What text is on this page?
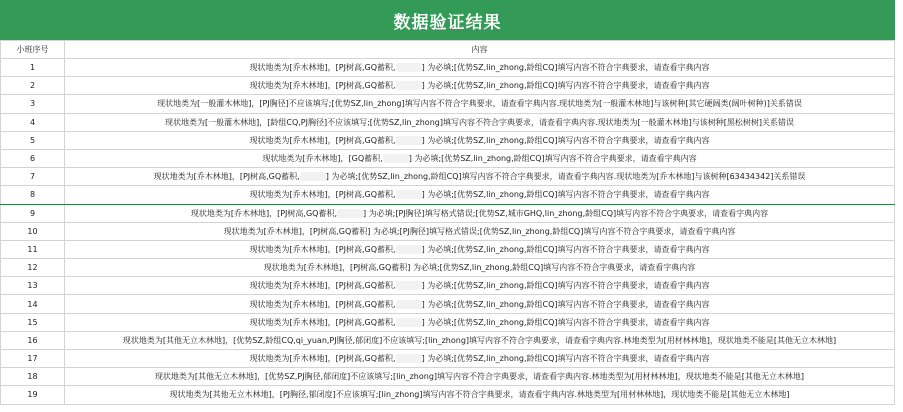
数据验证结果
小班序号	内容
1	现状地类为[乔木林地]，[PJ树高,GQ蓄积, ] 为必填;[优势SZ,lin_zhong,龄组CQ]填写内容不符合字典要求，请查看字典内容
2	现状地类为[乔木林地]，[PJ树高,GQ蓄积, ] 为必填;[优势SZ,lin_zhong,龄组CQ]填写内容不符合字典要求，请查看字典内容
3	现状地类为[一般灌木林地]，[PJ胸径]不应该填写;[优势SZ,lin_zhong]填写内容不符合字典要求，请查看字典内容.现状地类为[一般灌木林地]与该树种[其它硬阔类(阔叶树种)]关系错误
4	现状地类为[一般灌木林地]，[龄组CQ,PJ胸径]不应该填写;[优势SZ,lin_zhong]填写内容不符合字典要求，请查看字典内容.现状地类为[一般灌木林地]与该树种[黑松树树]关系错误
5	现状地类为[乔木林地]，[PJ树高,GQ蓄积, ] 为必填;[优势SZ,lin_zhong,龄组CQ]填写内容不符合字典要求，请查看字典内容
6	现状地类为[乔木林地]，[GQ蓄积, ] 为必填;[优势SZ,lin_zhong,龄组CQ]填写内容不符合字典要求，请查看字典内容
7	现状地类为[乔木林地]，[PJ树高,GQ蓄积, ] 为必填;[优势SZ,lin_zhong,龄组CQ]填写内容不符合字典要求，请查看字典内容.现状地类为[乔木林地]与该树种[63434342]关系错误
8	现状地类为[乔木林地]，[PJ树高,GQ蓄积, ] 为必填;[优势SZ,lin_zhong,龄组CQ]填写内容不符合字典要求，请查看字典内容
9	现状地类为[乔木林地]，[PJ树高,GQ蓄积, ] 为必填;[PJ胸径]填写格式错误;[优势SZ,城市GHQ,lin_zhong,龄组CQ]填写内容不符合字典要求，请查看字典内容
10	现状地类为[乔木林地]，[PJ树高,GQ蓄积] 为必填;[PJ胸径]填写格式错误;[优势SZ,lin_zhong,龄组CQ]填写内容不符合字典要求，请查看字典内容
11	现状地类为[乔木林地]，[PJ树高,GQ蓄积, ] 为必填;[优势SZ,lin_zhong,龄组CQ]填写内容不符合字典要求，请查看字典内容
12	现状地类为[乔木林地]，[PJ树高,GQ蓄积] 为必填;[优势SZ,lin_zhong,龄组CQ]填写内容不符合字典要求，请查看字典内容
13	现状地类为[乔木林地]，[PJ树高,GQ蓄积, ] 为必填;[优势SZ,lin_zhong,龄组CQ]填写内容不符合字典要求，请查看字典内容
14	现状地类为[乔木林地]，[PJ树高,GQ蓄积, ] 为必填;[优势SZ,lin_zhong,龄组CQ]填写内容不符合字典要求，请查看字典内容
15	现状地类为[乔木林地]，[PJ树高,GQ蓄积, ] 为必填;[优势SZ,lin_zhong,龄组CQ]填写内容不符合字典要求，请查看字典内容
16	现状地类为[其他无立木林地]，[优势SZ,龄组CQ,qi_yuan,PJ胸径,郁闭度]不应该填写;[lin_zhong]填写内容不符合字典要求，请查看字典内容.林地类型为[用材林林地]，现状地类不能是[其他无立木林地]
17	现状地类为[乔木林地]，[PJ树高,GQ蓄积, ] 为必填;[优势SZ,lin_zhong,龄组CQ]填写内容不符合字典要求，请查看字典内容
18	现状地类为[其他无立木林地]，[优势SZ,PJ胸径,郁闭度]不应该填写;[lin_zhong]填写内容不符合字典要求，请查看字典内容.林地类型为[用材林林地]，现状地类不能是[其他无立木林地]
19	现状地类为[其他无立木林地]，[PJ胸径,郁闭度]不应该填写;[lin_zhong]填写内容不符合字典要求，请查看字典内容.林地类型为[用材林林地]，现状地类不能是[其他无立木林地]
